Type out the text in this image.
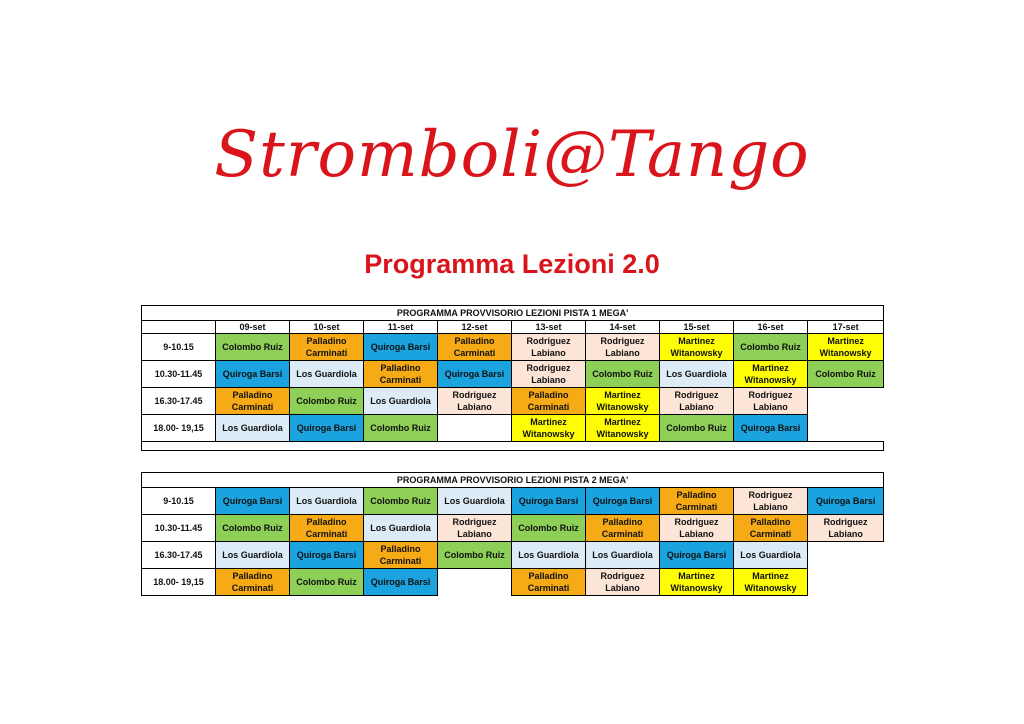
Stromboli@Tango
Programma Lezioni 2.0
PROGRAMMA PROVVISORIO LEZIONI PISTA 1 MEGA'									
	09-set	10-set	11-set	12-set	13-set	14-set	15-set	16-set	17-set
9-10.15	Colombo Ruiz	Palladino Carminati	Quiroga Barsi	Palladino Carminati	Rodriguez Labiano	Rodriguez Labiano	Martinez Witanowsky	Colombo Ruiz	Martinez Witanowsky
10.30-11.45	Quiroga Barsi	Los Guardiola	Palladino Carminati	Quiroga Barsi	Rodriguez Labiano	Colombo Ruiz	Los Guardiola	Martinez Witanowsky	Colombo Ruiz
16.30-17.45	Palladino Carminati	Colombo Ruiz	Los Guardiola	Rodriguez Labiano	Palladino Carminati	Martinez Witanowsky	Rodriguez Labiano	Rodriguez Labiano	
18.00- 19,15	Los Guardiola	Quiroga Barsi	Colombo Ruiz		Martinez Witanowsky	Martinez Witanowsky	Colombo Ruiz	Quiroga Barsi	

PROGRAMMA PROVVISORIO LEZIONI PISTA 2 MEGA'									
9-10.15	Quiroga Barsi	Los Guardiola	Colombo Ruiz	Los Guardiola	Quiroga Barsi	Quiroga Barsi	Palladino Carminati	Rodriguez Labiano	Quiroga Barsi
10.30-11.45	Colombo Ruiz	Palladino Carminati	Los Guardiola	Rodriguez Labiano	Colombo Ruiz	Palladino Carminati	Rodriguez Labiano	Palladino Carminati	Rodriguez Labiano
16.30-17.45	Los Guardiola	Quiroga Barsi	Palladino Carminati	Colombo Ruiz	Los Guardiola	Los Guardiola	Quiroga Barsi	Los Guardiola	
18.00- 19,15	Palladino Carminati	Colombo Ruiz	Quiroga Barsi		Palladino Carminati	Rodriguez Labiano	Martinez Witanowsky	Martinez Witanowsky	
